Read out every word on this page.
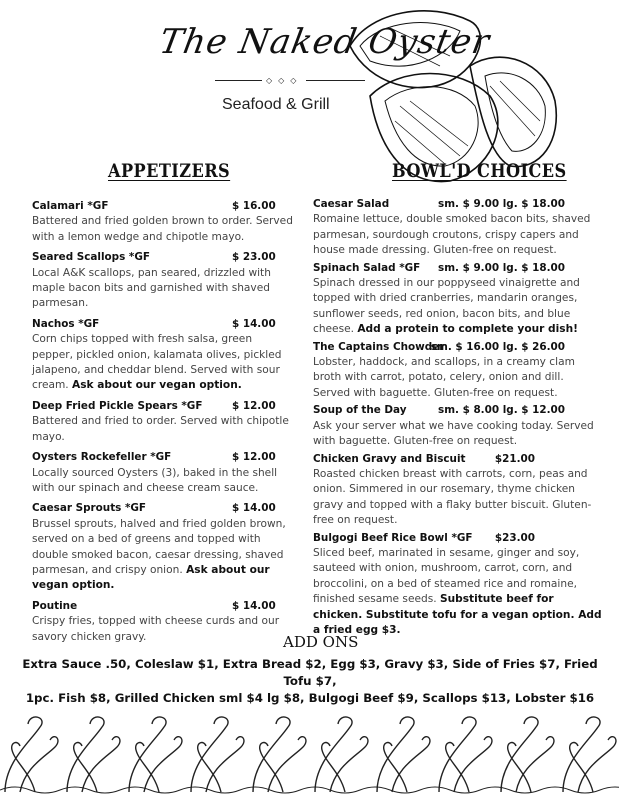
The Naked Oyster
◇◇◇
Seafood & Grill
APPETIZERS	BOWL'D CHOICES
Calamari *GF	$ 16.00
Battered and fried golden brown to order. Served with a lemon wedge and chipotle mayo.
Seared Scallops *GF	$ 23.00
Local A&K scallops, pan seared, drizzled with maple bacon bits and garnished with shaved parmesan.
Nachos *GF	$ 14.00
Corn chips topped with fresh salsa, green pepper, pickled onion, kalamata olives, pickled jalapeno, and cheddar blend. Served with sour cream. Ask about our vegan option.
Deep Fried Pickle Spears *GF	$ 12.00
Battered and fried to order. Served with chipotle mayo.
Oysters Rockefeller *GF	$ 12.00
Locally sourced Oysters (3), baked in the shell with our spinach and cheese cream sauce.
Caesar Sprouts *GF	$ 14.00
Brussel sprouts, halved and fried golden brown, served on a bed of greens and topped with double smoked bacon, caesar dressing, shaved parmesan, and crispy onion. Ask about our vegan option.
Poutine	$ 14.00
Crispy fries, topped with cheese curds and our savory chicken gravy.
Caesar Salad	sm. $ 9.00 lg. $ 18.00
Romaine lettuce, double smoked bacon bits, shaved parmesan, sourdough croutons, crispy capers and house made dressing. Gluten-free on request.
Spinach Salad *GF sm. $ 9.00 lg. $ 18.00
Spinach dressed in our poppyseed vinaigrette and topped with dried cranberries, mandarin oranges, sunflower seeds, red onion, bacon bits, and blue cheese. Add a protein to complete your dish!
The Captains Chowder
sm. $ 16.00 lg. $ 26.00
Lobster, haddock, and scallops, in a creamy clam broth with carrot, potato, celery, onion and dill. Served with baguette. Gluten-free on request.
Soup of the Day	sm. $ 8.00 lg. $ 12.00
Ask your server what we have cooking today. Served with baguette. Gluten-free on request.
Chicken Gravy and Biscuit	$21.00
Roasted chicken breast with carrots, corn, peas and onion. Simmered in our rosemary, thyme chicken gravy and topped with a flaky butter biscuit. Gluten-free on request.
Bulgogi Beef Rice Bowl *GF $23.00
Sliced beef, marinated in sesame, ginger and soy, sauteed with onion, mushroom, carrot, corn, and broccolini, on a bed of steamed rice and romaine, finished sesame seeds. Substitute beef for chicken. Substitute tofu for a vegan option. Add a fried egg $3.
ADD ONS
Extra Sauce .50, Coleslaw $1, Extra Bread $2, Egg $3, Gravy $3, Side of Fries $7, Fried Tofu $7,
1pc. Fish $8, Grilled Chicken sml $4 lg $8, Bulgogi Beef $9, Scallops $13, Lobster $16
